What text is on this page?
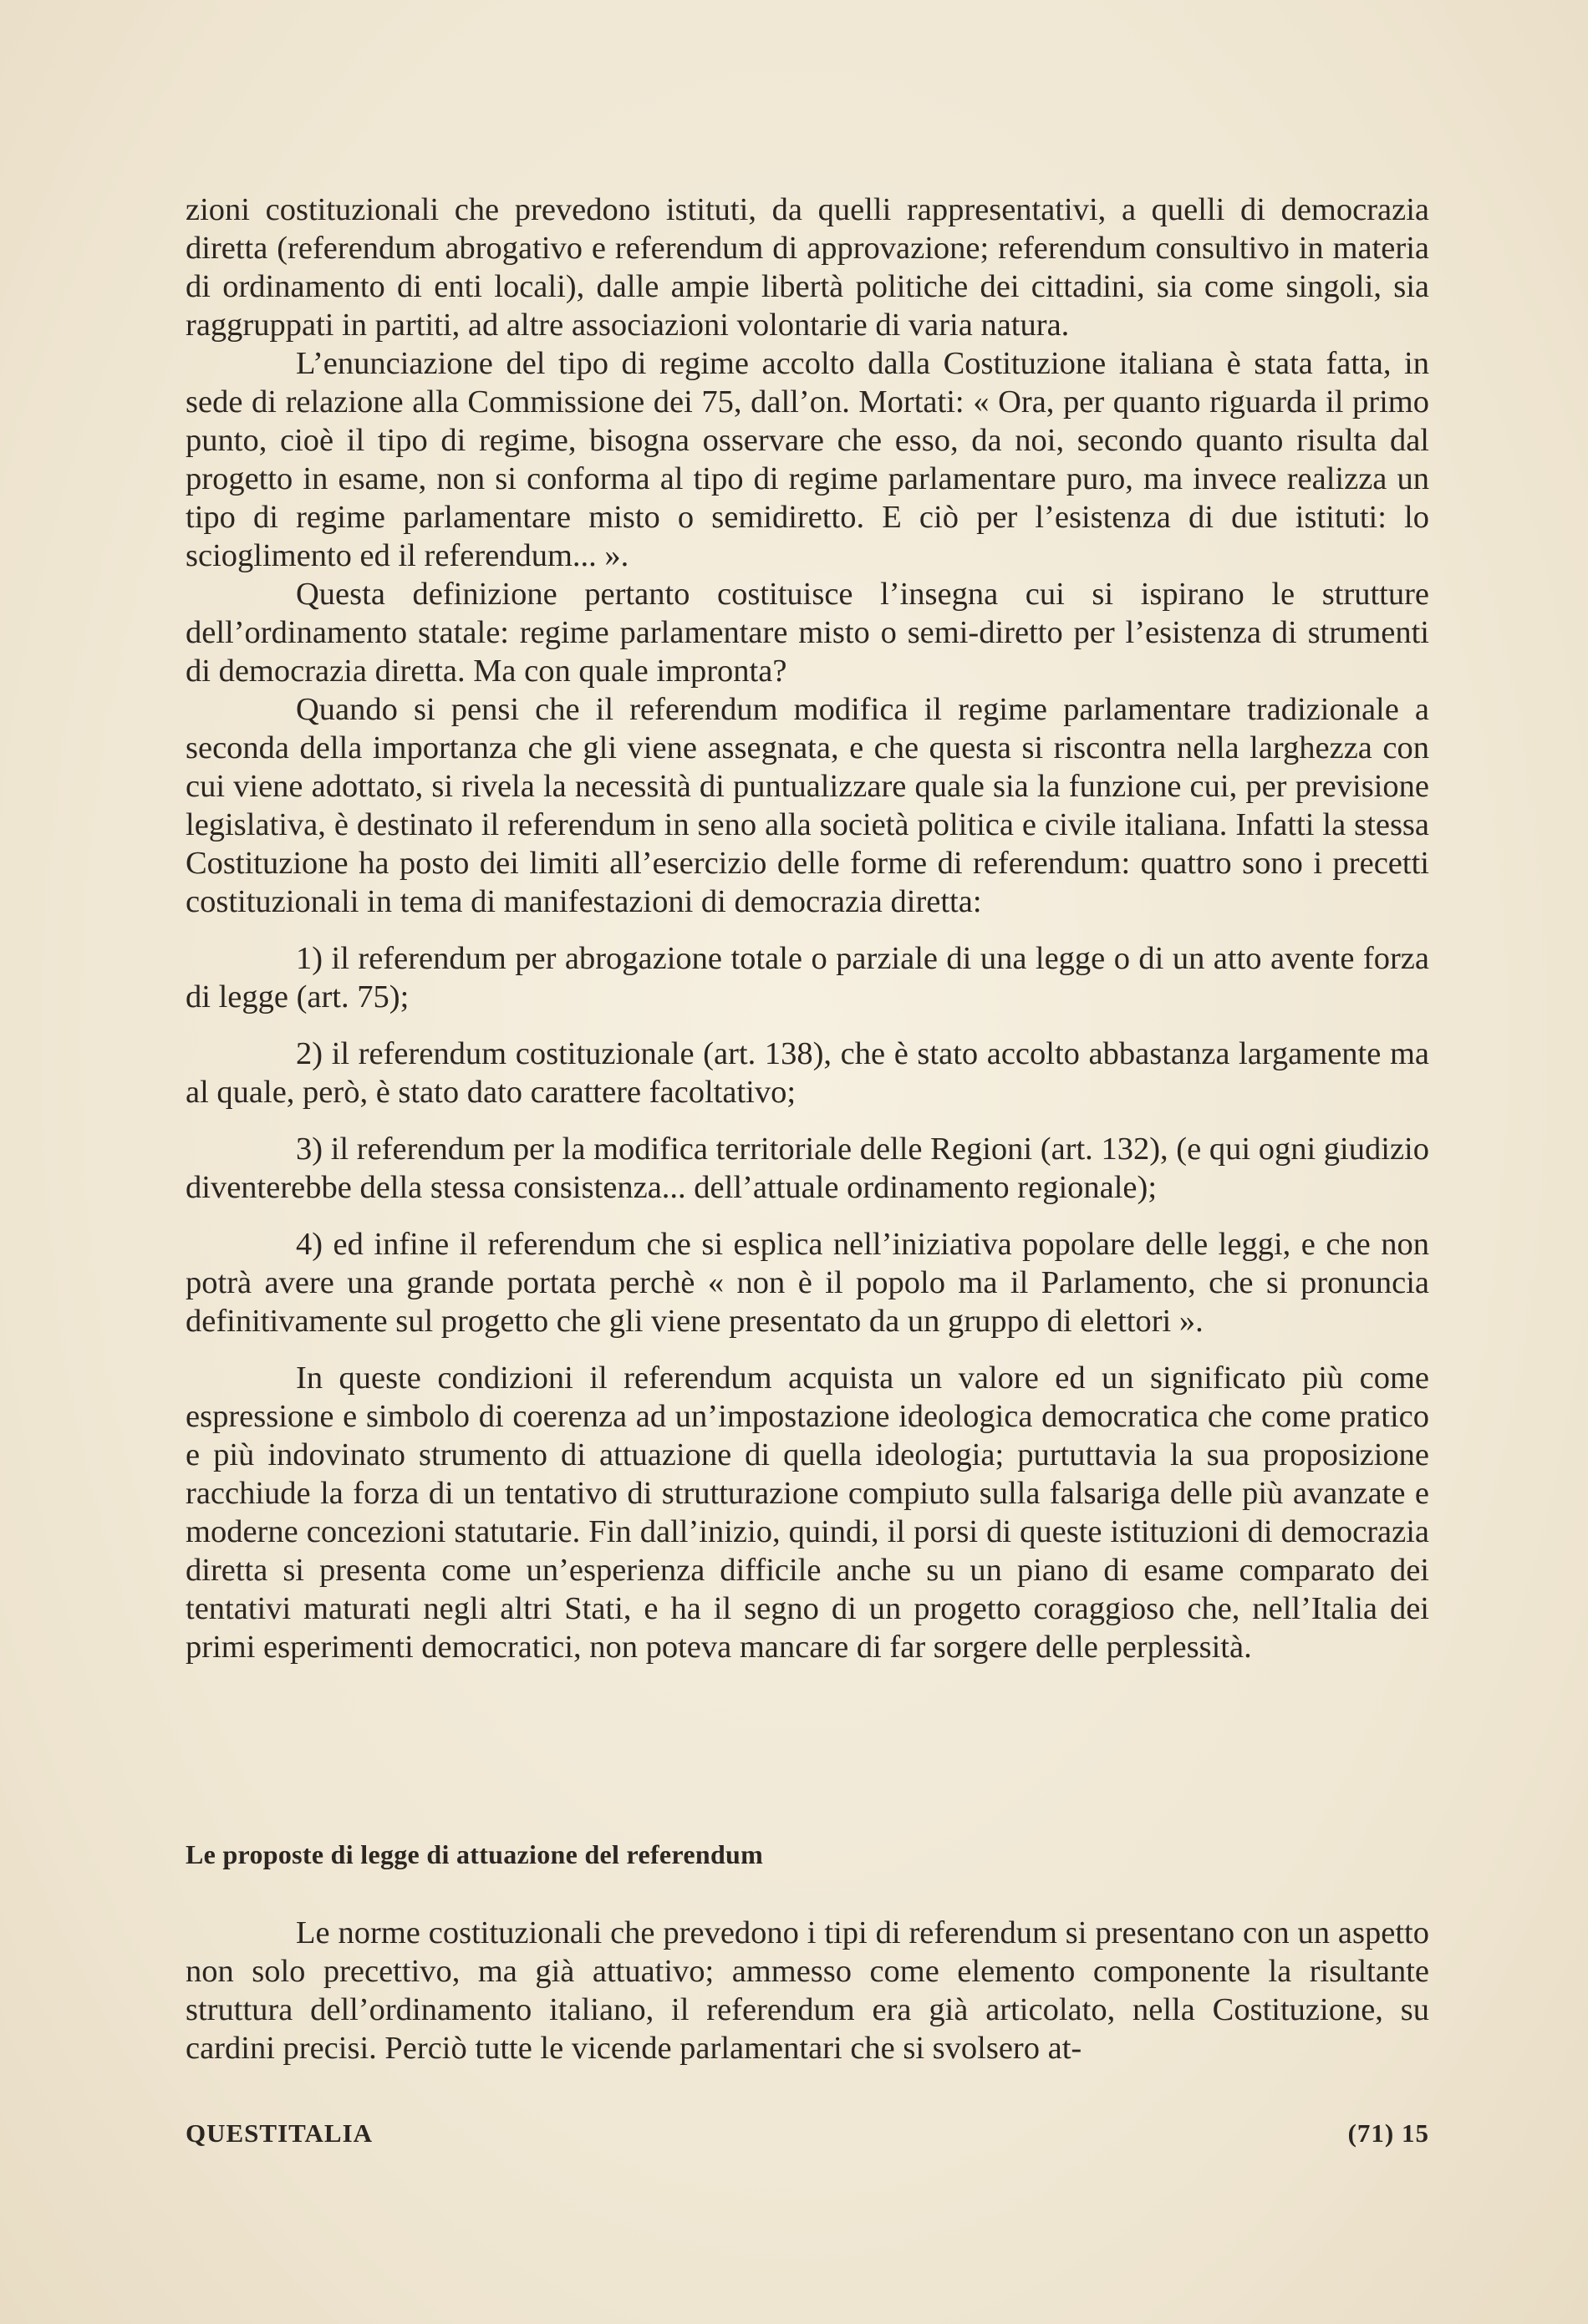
zioni costituzionali che prevedono istituti, da quelli rappresentativi, a quelli di democrazia diretta (referendum abrogativo e referendum di approvazione; referendum consultivo in materia di ordinamento di enti locali), dalle ampie libertà politiche dei cittadini, sia come singoli, sia raggruppati in partiti, ad altre associazioni volontarie di varia natura.

L’enunciazione del tipo di regime accolto dalla Costituzione italiana è stata fatta, in sede di relazione alla Commissione dei 75, dall’on. Mortati: « Ora, per quanto riguarda il primo punto, cioè il tipo di regime, bisogna osservare che esso, da noi, secondo quanto risulta dal progetto in esame, non si conforma al tipo di regime parlamentare puro, ma invece realizza un tipo di regime parlamentare misto o semidiretto. E ciò per l’esistenza di due istituti: lo scioglimento ed il referendum... ».

Questa definizione pertanto costituisce l’insegna cui si ispirano le strutture dell’ordinamento statale: regime parlamentare misto o semi-diretto per l’esistenza di strumenti di democrazia diretta. Ma con quale impronta?

Quando si pensi che il referendum modifica il regime parlamentare tradizionale a seconda della importanza che gli viene assegnata, e che questa si riscontra nella larghezza con cui viene adottato, si rivela la necessità di puntualizzare quale sia la funzione cui, per previsione legislativa, è destinato il referendum in seno alla società politica e civile italiana. Infatti la stessa Costituzione ha posto dei limiti all’esercizio delle forme di referendum: quattro sono i precetti costituzionali in tema di manifestazioni di democrazia diretta:

1) il referendum per abrogazione totale o parziale di una legge o di un atto avente forza di legge (art. 75);

2) il referendum costituzionale (art. 138), che è stato accolto abbastanza largamente ma al quale, però, è stato dato carattere facoltativo;

3) il referendum per la modifica territoriale delle Regioni (art. 132), (e qui ogni giudizio diventerebbe della stessa consistenza... dell’attuale ordinamento regionale);

4) ed infine il referendum che si esplica nell’iniziativa popolare delle leggi, e che non potrà avere una grande portata perchè « non è il popolo ma il Parlamento, che si pronuncia definitivamente sul progetto che gli viene presentato da un gruppo di elettori ».

In queste condizioni il referendum acquista un valore ed un significato più come espressione e simbolo di coerenza ad un’impostazione ideologica democratica che come pratico e più indovinato strumento di attuazione di quella ideologia; purtuttavia la sua proposizione racchiude la forza di un tentativo di strutturazione compiuto sulla falsariga delle più avanzate e moderne concezioni statutarie. Fin dall’inizio, quindi, il porsi di queste istituzioni di democrazia diretta si presenta come un’esperienza difficile anche su un piano di esame comparato dei tentativi maturati negli altri Stati, e ha il segno di un progetto coraggioso che, nell’Italia dei primi esperimenti democratici, non poteva mancare di far sorgere delle perplessità.

Le proposte di legge di attuazione del referendum

Le norme costituzionali che prevedono i tipi di referendum si presentano con un aspetto non solo precettivo, ma già attuativo; ammesso come elemento componente la risultante struttura dell’ordinamento italiano, il referendum era già articolato, nella Costituzione, su cardini precisi. Perciò tutte le vicende parlamentari che si svolsero at-

QUESTITALIA	(71) 15
